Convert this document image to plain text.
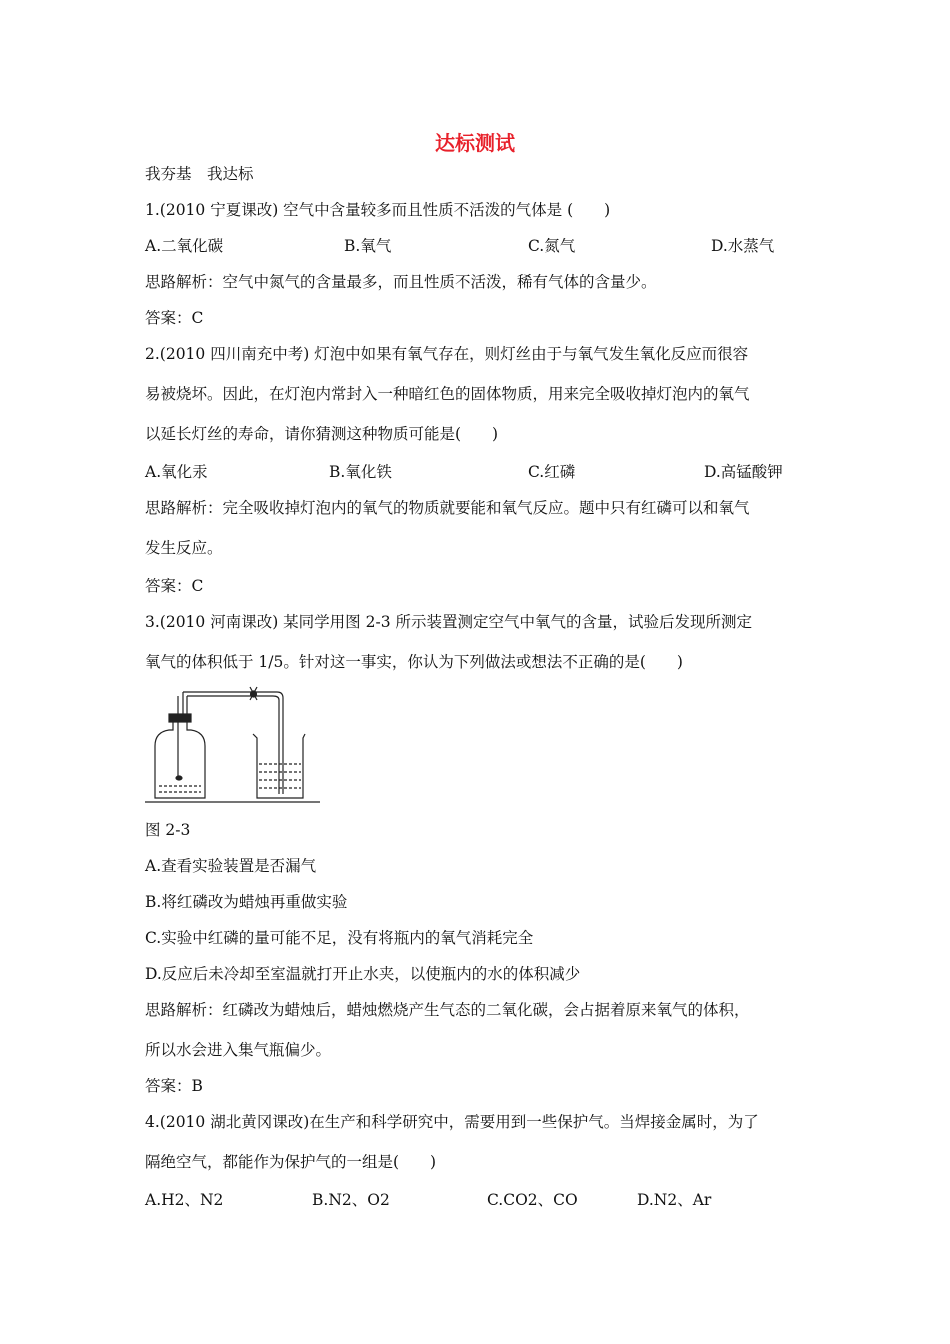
达标测试
我夯基　我达标
1.(2010 宁夏课改) 空气中含量较多而且性质不活泼的气体是 (　　)
A.二氧化碳	B.氧气	C.氮气	D.水蒸气
思路解析：空气中氮气的含量最多，而且性质不活泼，稀有气体的含量少。
答案：C
2.(2010 四川南充中考) 灯泡中如果有氧气存在，则灯丝由于与氧气发生氧化反应而很容
易被烧坏。因此，在灯泡内常封入一种暗红色的固体物质，用来完全吸收掉灯泡内的氧气
以延长灯丝的寿命，请你猜测这种物质可能是(　　)
A.氧化汞	B.氧化铁	C.红磷	D.高锰酸钾
思路解析：完全吸收掉灯泡内的氧气的物质就要能和氧气反应。题中只有红磷可以和氧气
发生反应。
答案：C
3.(2010 河南课改) 某同学用图 2-3 所示装置测定空气中氧气的含量，试验后发现所测定
氧气的体积低于 1/5。针对这一事实，你认为下列做法或想法不正确的是(　　)
图 2-3
A.查看实验装置是否漏气
B.将红磷改为蜡烛再重做实验
C.实验中红磷的量可能不足，没有将瓶内的氧气消耗完全
D.反应后未冷却至室温就打开止水夹，以使瓶内的水的体积减少
思路解析：红磷改为蜡烛后，蜡烛燃烧产生气态的二氧化碳，会占据着原来氧气的体积，
所以水会进入集气瓶偏少。
答案：B
4.(2010 湖北黄冈课改)在生产和科学研究中，需要用到一些保护气。当焊接金属时，为了
隔绝空气，都能作为保护气的一组是(　　)
A.H2、N2	B.N2、O2	C.CO2、CO	D.N2、Ar
